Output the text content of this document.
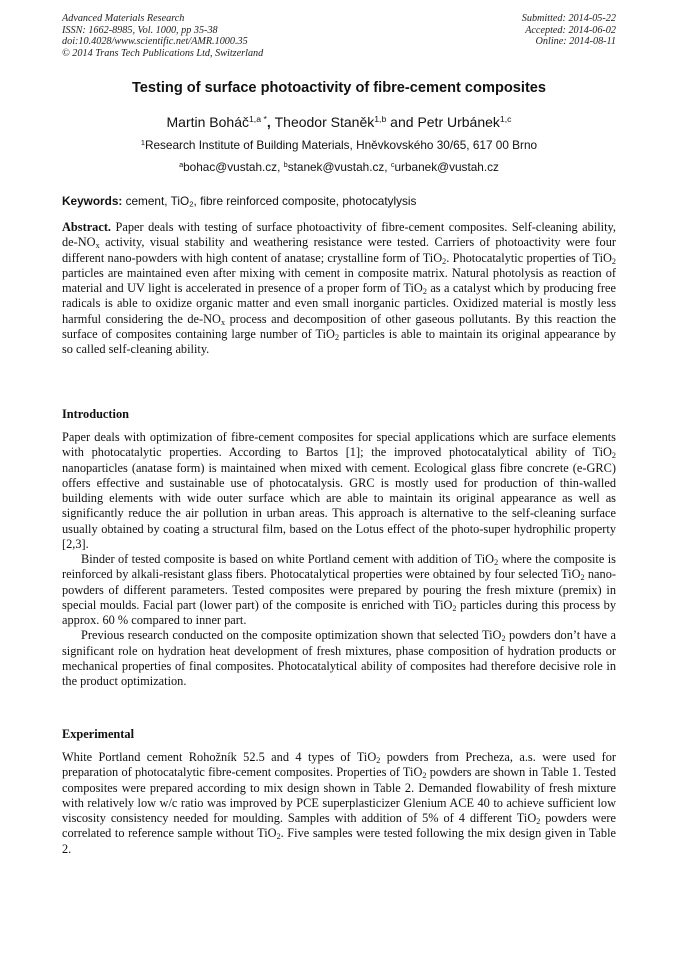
Advanced Materials Research
ISSN: 1662-8985, Vol. 1000, pp 35-38
doi:10.4028/www.scientific.net/AMR.1000.35
© 2014 Trans Tech Publications Ltd, Switzerland
Submitted: 2014-05-22
Accepted: 2014-06-02
Online: 2014-08-11
Testing of surface photoactivity of fibre-cement composites
Martin Boháč$^{1,a *}$, Theodor Staněk$^{1,b}$ and Petr Urbánek$^{1,c}$
$^1$Research Institute of Building Materials, Hněvkovského 30/65, 617 00 Brno
$^a$bohac@vustah.cz, $^b$stanek@vustah.cz, $^c$urbanek@vustah.cz
Keywords: cement, TiO$_2$, fibre reinforced composite, photocatylysis

Abstract. Paper deals with testing of surface photoactivity of fibre-cement composites. Self-cleaning ability, $de-NO_x$ activity, visual stability and weathering resistance were tested. Carriers of photoactivity were four different nano-powders with high content of anatase; crystalline form of TiO$_2$. Photocatalytic properties of TiO$_2$ particles are maintained even after mixing with cement in composite matrix. Natural photolysis as reaction of material and UV light is accelerated in presence of a proper form of TiO$_2$ as a catalyst which by producing free radicals is able to oxidize organic matter and even small inorganic particles. Oxidized material is mostly less harmful considering the $de-NO_x$ process and decomposition of other gaseous pollutants. By this reaction the surface of composites containing large number of TiO$_2$ particles is able to maintain its original appearance by so called self-cleaning ability.

Introduction

Paper deals with optimization of fibre-cement composites for special applications which are surface elements with photocatalytic properties. According to Bartos [1]; the improved photocatalytical ability of TiO$_2$ nanoparticles (anatase form) is maintained when mixed with cement. Ecological glass fibre concrete (e-GRC) offers effective and sustainable use of photocatalysis. GRC is mostly used for production of thin-walled building elements with wide outer surface which are able to maintain its original appearance as well as significantly reduce the air pollution in urban areas. This approach is alternative to the self-cleaning surface usually obtained by coating a structural film, based on the Lotus effect of the photo-super hydrophilic property [2,3].

Binder of tested composite is based on white Portland cement with addition of TiO$_2$ where the composite is reinforced by alkali-resistant glass fibers. Photocatalytical properties were obtained by four selected TiO$_2$ nano-powders of different parameters. Tested composites were prepared by pouring the fresh mixture (premix) in special moulds. Facial part (lower part) of the composite is enriched with TiO$_2$ particles during this process by approx. 60 % compared to inner part.

Previous research conducted on the composite optimization shown that selected TiO$_2$ powders don’t have a significant role on hydration heat development of fresh mixtures, phase composition of hydration products or mechanical properties of final composites. Photocatalytical ability of composites had therefore decisive role in the product optimization.

Experimental

White Portland cement Rohožník 52.5 and 4 types of TiO$_2$ powders from Precheza, a.s. were used for preparation of photocatalytic fibre-cement composites. Properties of TiO$_2$ powders are shown in Table 1. Tested composites were prepared according to mix design shown in Table 2. Demanded flowability of fresh mixture with relatively low w/c ratio was improved by PCE superplasticizer Glenium ACE 40 to achieve sufficient low viscosity consistency needed for moulding. Samples with addition of 5% of 4 different TiO$_2$ powders were correlated to reference sample without TiO$_2$. Five samples were tested following the mix design given in Table 2.
